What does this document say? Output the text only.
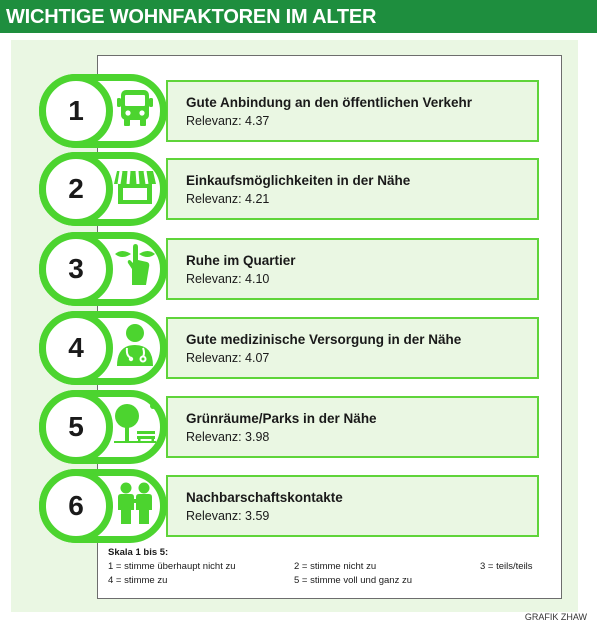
WICHTIGE WOHNFAKTOREN IM ALTER
Gute Anbindung an den öffentlichen Verkehr
Relevanz: 4.37
1
Einkaufsmöglichkeiten in der Nähe
Relevanz: 4.21
2
Ruhe im Quartier
Relevanz: 4.10
3
Gute medizinische Versorgung in der Nähe
Relevanz: 4.07
4
Grünräume/Parks in der Nähe
Relevanz: 3.98
5
Nachbarschaftskontakte
Relevanz: 3.59
6
Skala 1 bis 5:
1 = stimme überhaupt nicht zu	2 = stimme nicht zu	3 = teils/teils
4 = stimme zu	5 = stimme voll und ganz zu
GRAFIK ZHAW
